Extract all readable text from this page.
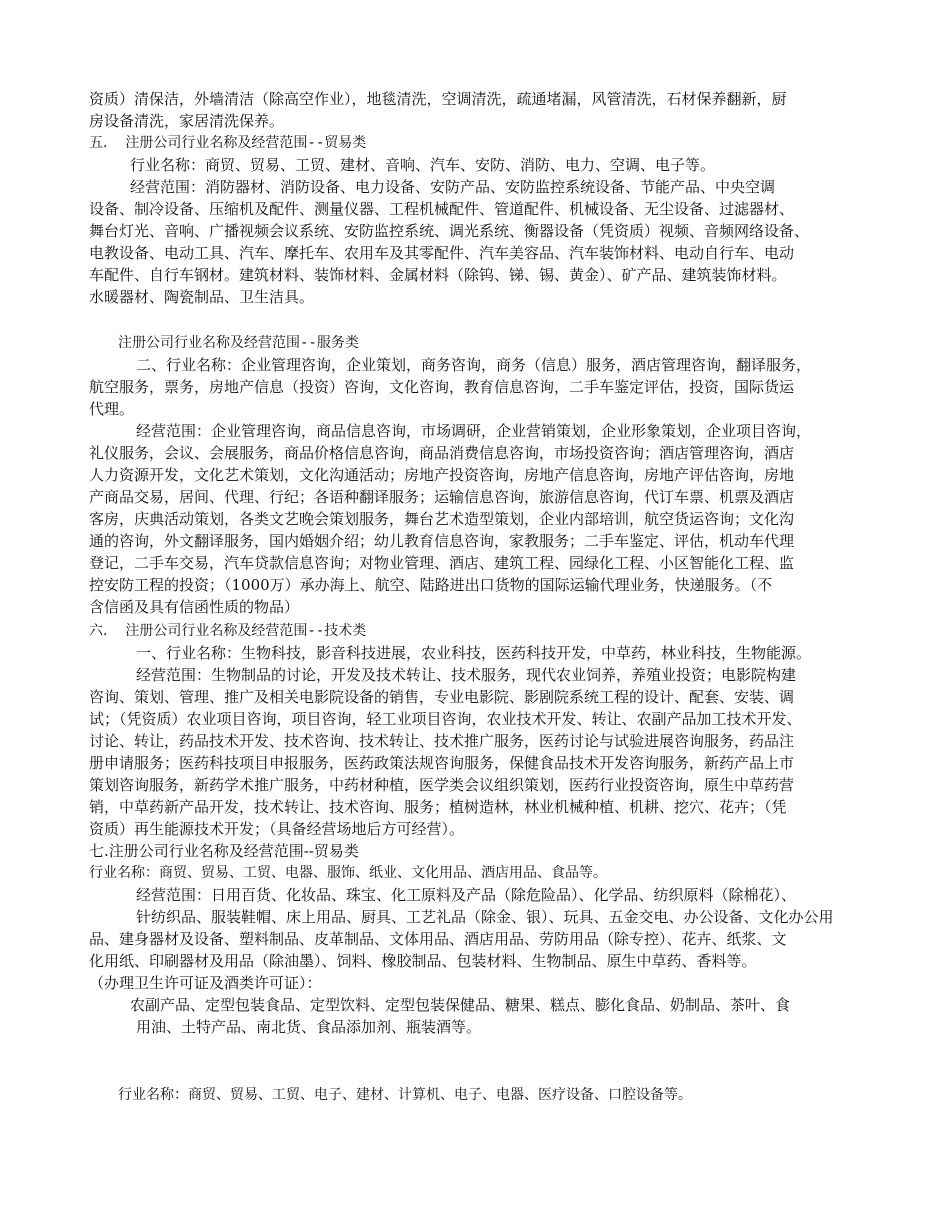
资质）清保洁，外墙清洁（除高空作业），地毯清洗，空调清洗，疏通堵漏，风管清洗，石材保养翻新，厨
房设备清洗，家居清洗保养。
五． 注册公司行业名称及经营范围--贸易类
行业名称：商贸、贸易、工贸、建材、音响、汽车、安防、消防、电力、空调、电子等。
经营范围：消防器材、消防设备、电力设备、安防产品、安防监控系统设备、节能产品、中央空调
设备、制冷设备、压缩机及配件、测量仪器、工程机械配件、管道配件、机械设备、无尘设备、过滤器材、
舞台灯光、音响、广播视频会议系统、安防监控系统、调光系统、衡器设备（凭资质）视频、音频网络设备、
电教设备、电动工具、汽车、摩托车、农用车及其零配件、汽车美容品、汽车装饰材料、电动自行车、电动
车配件、自行车钢材。建筑材料、装饰材料、金属材料（除钨、锑、锡、黄金）、矿产品、建筑装饰材料。
水暖器材、陶瓷制品、卫生洁具。
注册公司行业名称及经营范围--服务类
二、行业名称：企业管理咨询，企业策划，商务咨询，商务（信息）服务，酒店管理咨询，翻译服务，
航空服务，票务，房地产信息（投资）咨询，文化咨询，教育信息咨询，二手车鉴定评估，投资，国际货运
代理。
经营范围：企业管理咨询，商品信息咨询，市场调研，企业营销策划，企业形象策划，企业项目咨询，
礼仪服务，会议、会展服务，商品价格信息咨询，商品消费信息咨询，市场投资咨询；酒店管理咨询，酒店
人力资源开发，文化艺术策划，文化沟通活动；房地产投资咨询，房地产信息咨询，房地产评估咨询，房地
产商品交易，居间、代理、行纪；各语种翻译服务；运输信息咨询，旅游信息咨询，代订车票、机票及酒店
客房，庆典活动策划，各类文艺晚会策划服务，舞台艺术造型策划，企业内部培训，航空货运咨询；文化沟
通的咨询，外文翻译服务，国内婚姻介绍；幼儿教育信息咨询，家教服务；二手车鉴定、评估，机动车代理
登记，二手车交易，汽车贷款信息咨询；对物业管理、酒店、建筑工程、园绿化工程、小区智能化工程、监
控安防工程的投资；（1000万）承办海上、航空、陆路进出口货物的国际运输代理业务，快递服务。（不
含信函及具有信函性质的物品）
六． 注册公司行业名称及经营范围--技术类
一、行业名称：生物科技，影音科技进展，农业科技，医药科技开发，中草药，林业科技，生物能源。
经营范围：生物制品的讨论，开发及技术转让、技术服务，现代农业饲养，养殖业投资；电影院构建
咨询、策划、管理、推广及相关电影院设备的销售，专业电影院、影剧院系统工程的设计、配套、安装、调
试；（凭资质）农业项目咨询，项目咨询，轻工业项目咨询，农业技术开发、转让、农副产品加工技术开发、
讨论、转让，药品技术开发、技术咨询、技术转让、技术推广服务，医药讨论与试验进展咨询服务，药品注
册申请服务；医药科技项目申报服务，医药政策法规咨询服务，保健食品技术开发咨询服务，新药产品上市
策划咨询服务，新药学术推广服务，中药材种植，医学类会议组织策划，医药行业投资咨询，原生中草药营
销，中草药新产品开发，技术转让、技术咨询、服务；植树造林，林业机械种植、机耕、挖穴、花卉；（凭
资质）再生能源技术开发；（具备经营场地后方可经营）。
七.注册公司行业名称及经营范围--贸易类
行业名称：商贸、贸易、工贸、电器、服饰、纸业、文化用品、酒店用品、食品等。
经营范围：日用百货、化妆品、珠宝、化工原料及产品（除危险品）、化学品、纺织原料（除棉花）、
针纺织品、服装鞋帽、床上用品、厨具、工艺礼品（除金、银）、玩具、五金交电、办公设备、文化办公用
品、建身器材及设备、塑料制品、皮革制品、文体用品、酒店用品、劳防用品（除专控）、花卉、纸浆、文
化用纸、印刷器材及用品（除油墨）、饲料、橡胶制品、包装材料、生物制品、原生中草药、香料等。
（办理卫生许可证及酒类许可证）：
农副产品、定型包装食品、定型饮料、定型包装保健品、糖果、糕点、膨化食品、奶制品、茶叶、食
用油、土特产品、南北货、食品添加剂、瓶装酒等。
行业名称：商贸、贸易、工贸、电子、建材、计算机、电子、电器、医疗设备、口腔设备等。
